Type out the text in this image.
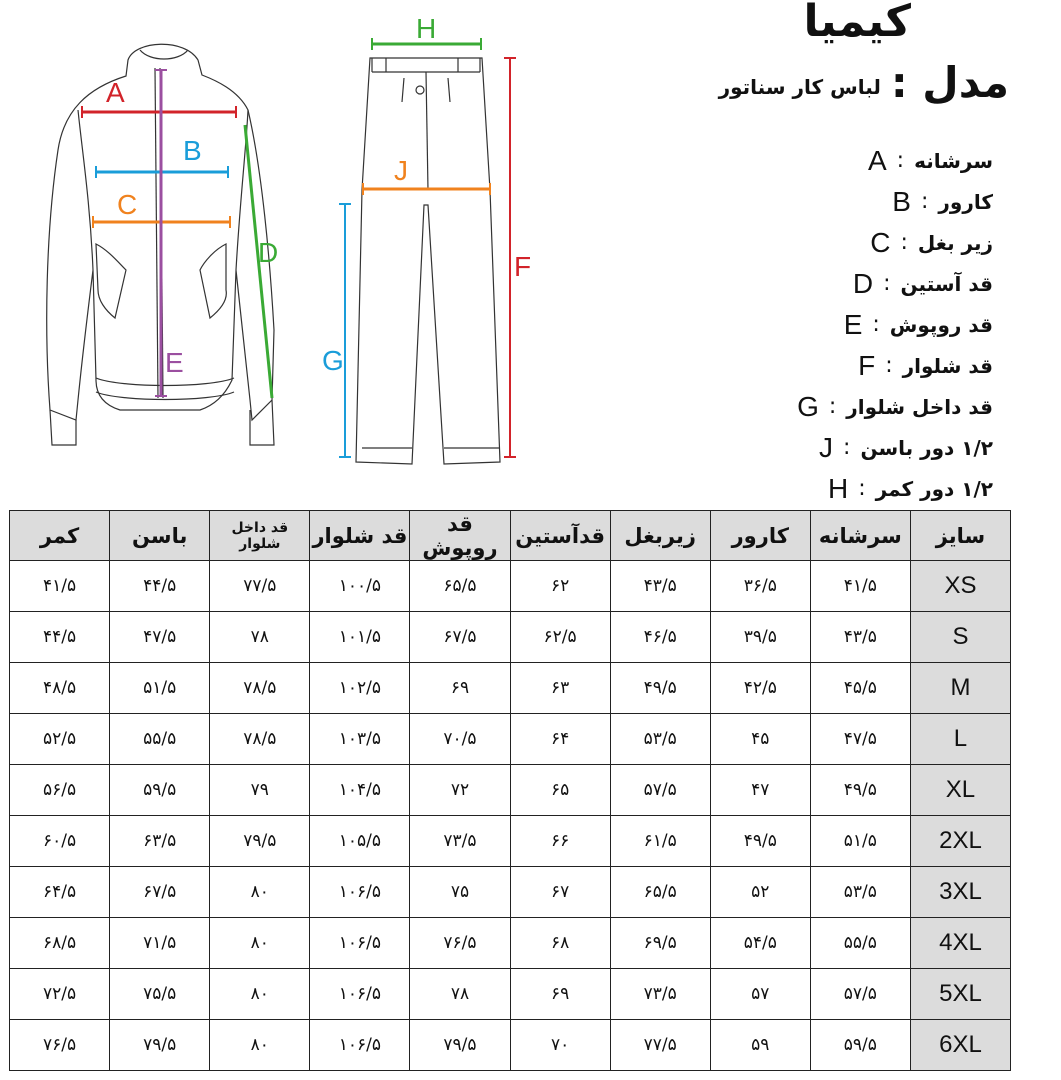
A
B
C
D
E
H
J
F
G
کیمیا
مدل :
لباس کار سناتور
سرشانه
:
A
کارور
:
B
زیر بغل
:
C
قد آستین
:
D
قد روپوش
:
E
قد شلوار
:
F
قد داخل شلوار
:
G
۱/۲ دور باسن
:
J
۱/۲ دور کمر
:
H
سایز	سرشانه	کارور	زیربغل	قدآستین	قد روپوش	قد شلوار	قد داخل شلوار	باسن	کمر
XS	۴۱/۵	۳۶/۵	۴۳/۵	۶۲	۶۵/۵	۱۰۰/۵	۷۷/۵	۴۴/۵	۴۱/۵
S	۴۳/۵	۳۹/۵	۴۶/۵	۶۲/۵	۶۷/۵	۱۰۱/۵	۷۸	۴۷/۵	۴۴/۵
M	۴۵/۵	۴۲/۵	۴۹/۵	۶۳	۶۹	۱۰۲/۵	۷۸/۵	۵۱/۵	۴۸/۵
L	۴۷/۵	۴۵	۵۳/۵	۶۴	۷۰/۵	۱۰۳/۵	۷۸/۵	۵۵/۵	۵۲/۵
XL	۴۹/۵	۴۷	۵۷/۵	۶۵	۷۲	۱۰۴/۵	۷۹	۵۹/۵	۵۶/۵
2XL	۵۱/۵	۴۹/۵	۶۱/۵	۶۶	۷۳/۵	۱۰۵/۵	۷۹/۵	۶۳/۵	۶۰/۵
3XL	۵۳/۵	۵۲	۶۵/۵	۶۷	۷۵	۱۰۶/۵	۸۰	۶۷/۵	۶۴/۵
4XL	۵۵/۵	۵۴/۵	۶۹/۵	۶۸	۷۶/۵	۱۰۶/۵	۸۰	۷۱/۵	۶۸/۵
5XL	۵۷/۵	۵۷	۷۳/۵	۶۹	۷۸	۱۰۶/۵	۸۰	۷۵/۵	۷۲/۵
6XL	۵۹/۵	۵۹	۷۷/۵	۷۰	۷۹/۵	۱۰۶/۵	۸۰	۷۹/۵	۷۶/۵
